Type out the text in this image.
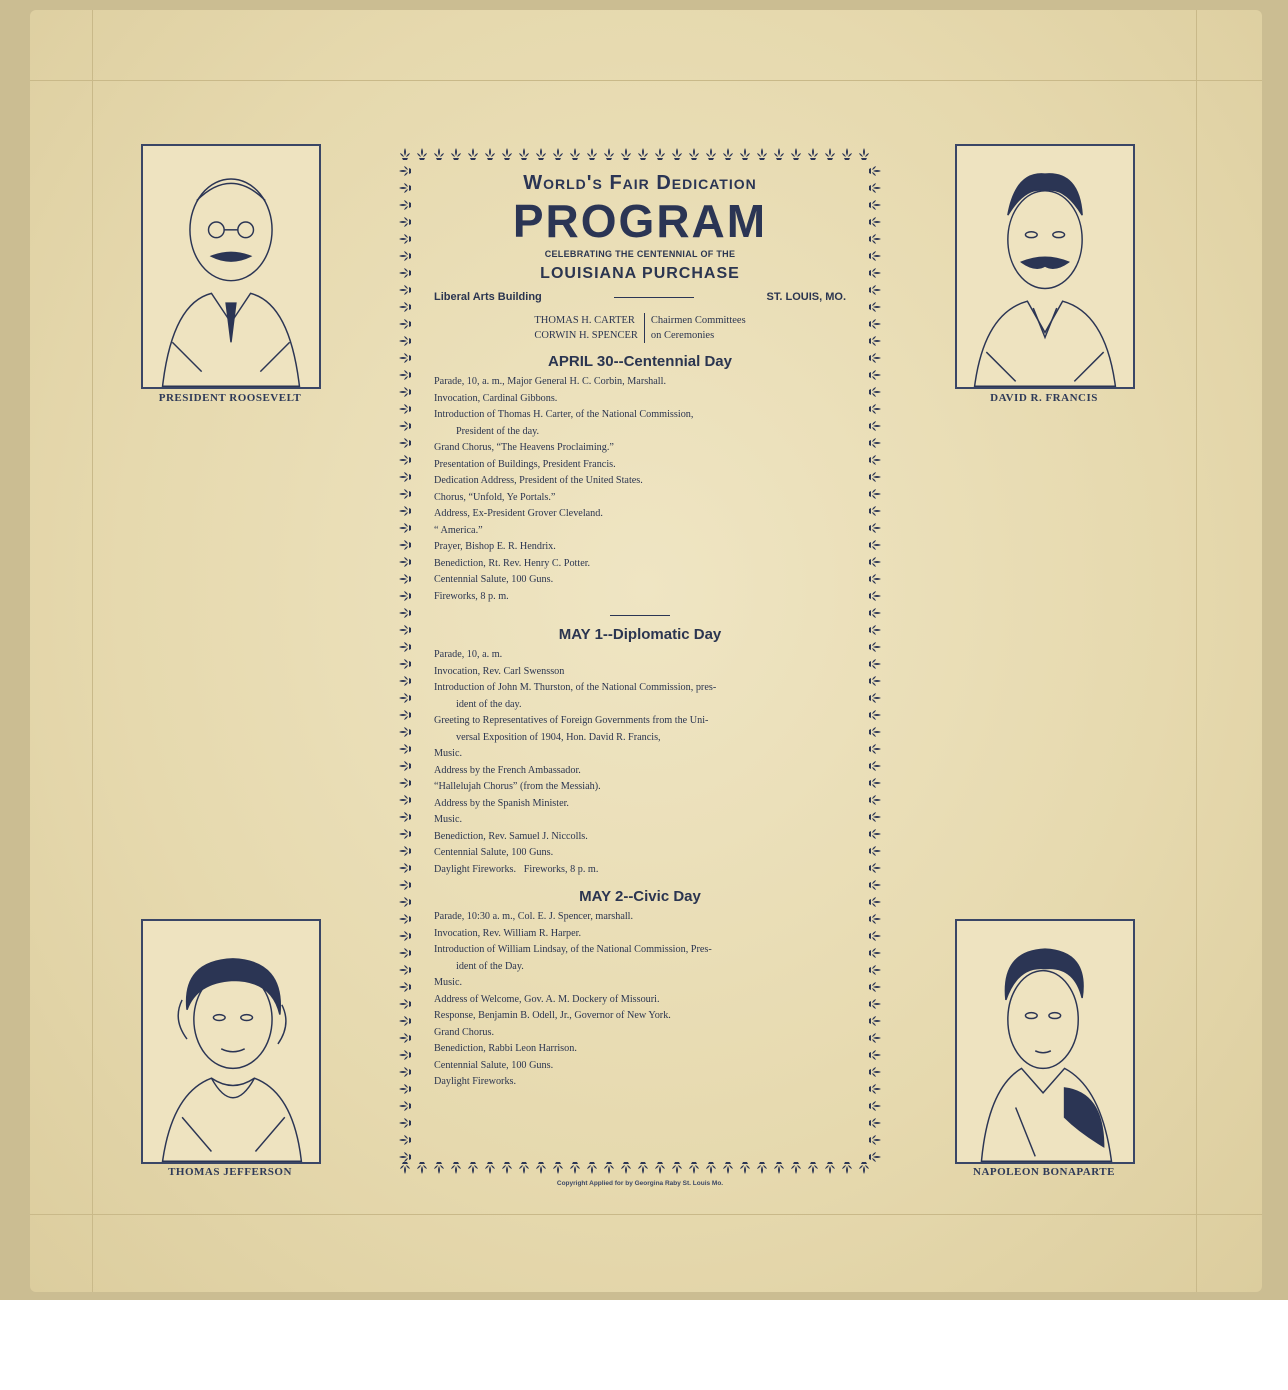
PRESIDENT ROOSEVELT	DAVID R. FRANCIS
THOMAS JEFFERSON	NAPOLEON BONAPARTE
World's Fair Dedication
PROGRAM
CELEBRATING THE CENTENNIAL OF THE
LOUISIANA PURCHASE
Liberal Arts Building	ST. LOUIS, MO.
THOMAS H. CARTER
CORWIN H. SPENCER
Chairmen Committees
on Ceremonies
APRIL 30--Centennial Day
Parade, 10, a. m., Major General H. C. Corbin, Marshall.
Invocation, Cardinal Gibbons.
Introduction of Thomas H. Carter, of the National Commission,
President of the day.
Grand Chorus, “The Heavens Proclaiming.”
Presentation of Buildings, President Francis.
Dedication Address, President of the United States.
Chorus, “Unfold, Ye Portals.”
Address, Ex-President Grover Cleveland.
“ America.”
Prayer, Bishop E. R. Hendrix.
Benediction, Rt. Rev. Henry C. Potter.
Centennial Salute, 100 Guns.
Fireworks, 8 p. m.
MAY 1--Diplomatic Day
Parade, 10, a. m.
Invocation, Rev. Carl Swensson
Introduction of John M. Thurston, of the National Commission, pres-
ident of the day.
Greeting to Representatives of Foreign Governments from the Uni-
versal Exposition of 1904, Hon. David R. Francis,
Music.
Address by the French Ambassador.
“Hallelujah Chorus” (from the Messiah).
Address by the Spanish Minister.
Music.
Benediction, Rev. Samuel J. Niccolls.
Centennial Salute, 100 Guns.
Daylight Fireworks.   Fireworks, 8 p. m.
MAY 2--Civic Day
Parade, 10:30 a. m., Col. E. J. Spencer, marshall.
Invocation, Rev. William R. Harper.
Introduction of William Lindsay, of the National Commission, Pres-
ident of the Day.
Music.
Address of Welcome, Gov. A. M. Dockery of Missouri.
Response, Benjamin B. Odell, Jr., Governor of New York.
Grand Chorus.
Benediction, Rabbi Leon Harrison.
Centennial Salute, 100 Guns.
Daylight Fireworks.
Copyright Applied for by Georgina Raby St. Louis Mo.
